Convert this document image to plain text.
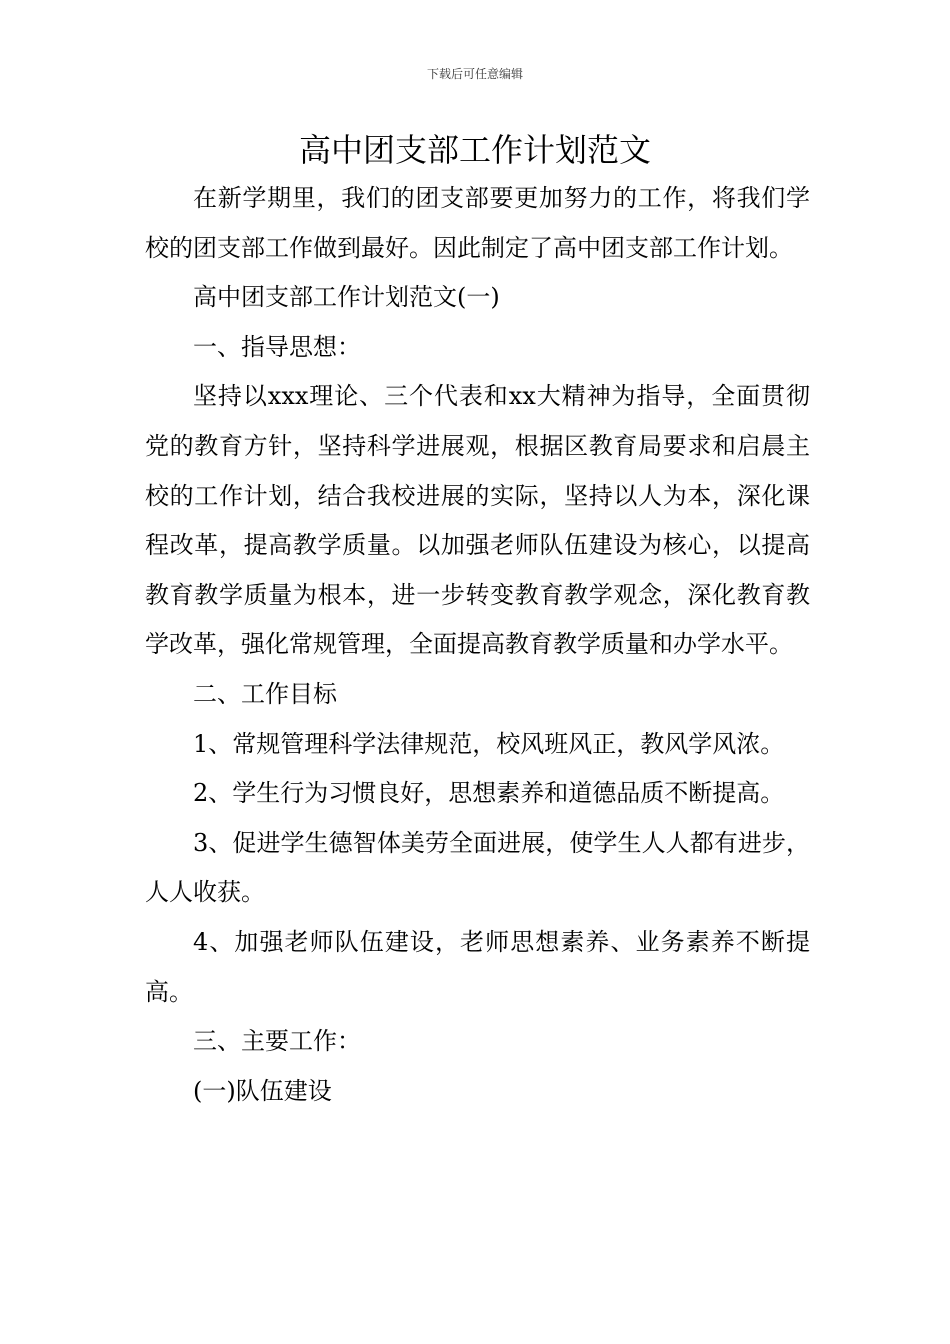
下载后可任意编辑
高中团支部工作计划范文

在新学期里，我们的团支部要更加努力的工作，将我们学校的团支部工作做到最好。因此制定了高中团支部工作计划。

高中团支部工作计划范文(一)

一、指导思想：

坚持以xxx理论、三个代表和xx大精神为指导，全面贯彻党的教育方针，坚持科学进展观，根据区教育局要求和启晨主校的工作计划，结合我校进展的实际，坚持以人为本，深化课程改革，提高教学质量。以加强老师队伍建设为核心，以提高教育教学质量为根本，进一步转变教育教学观念，深化教育教学改革，强化常规管理，全面提高教育教学质量和办学水平。

二、工作目标

1、常规管理科学法律规范，校风班风正，教风学风浓。

2、学生行为习惯良好，思想素养和道德品质不断提高。

3、促进学生德智体美劳全面进展，使学生人人都有进步，人人收获。

4、加强老师队伍建设，老师思想素养、业务素养不断提高。

三、主要工作：

(一)队伍建设
